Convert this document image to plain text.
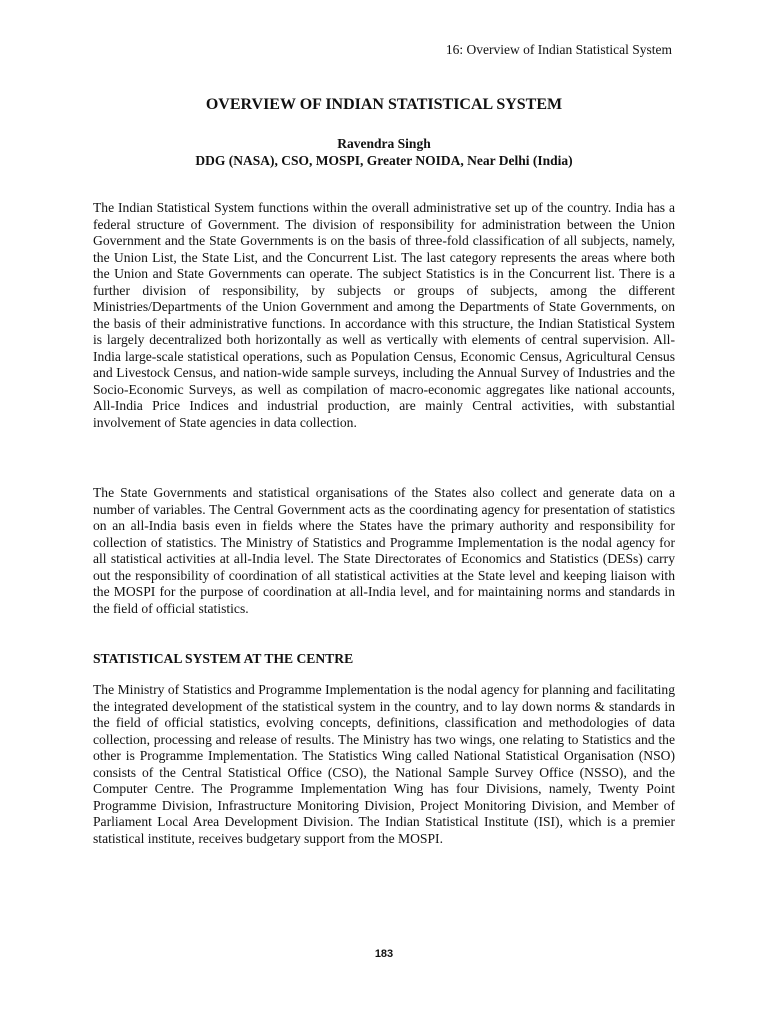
16: Overview of Indian Statistical System
OVERVIEW OF INDIAN STATISTICAL SYSTEM
Ravendra Singh
DDG (NASA), CSO, MOSPI, Greater NOIDA, Near Delhi (India)

The Indian Statistical System functions within the overall administrative set up of the country. India has a federal structure of Government. The division of responsibility for administration between the Union Government and the State Governments is on the basis of three-fold classification of all subjects, namely, the Union List, the State List, and the Concurrent List. The last category represents the areas where both the Union and State Governments can operate. The subject Statistics is in the Concurrent list. There is a further division of responsibility, by subjects or groups of subjects, among the different Ministries/Departments of the Union Government and among the Departments of State Governments, on the basis of their administrative functions. In accordance with this structure, the Indian Statistical System is largely decentralized both horizontally as well as vertically with elements of central supervision. All-India large-scale statistical operations, such as Population Census, Economic Census, Agricultural Census and Livestock Census, and nation-wide sample surveys, including the Annual Survey of Industries and the Socio-Economic Surveys, as well as compilation of macro-economic aggregates like national accounts, All-India Price Indices and industrial production, are mainly Central activities, with substantial involvement of State agencies in data collection.

The State Governments and statistical organisations of the States also collect and generate data on a number of variables. The Central Government acts as the coordinating agency for presentation of statistics on an all-India basis even in fields where the States have the primary authority and responsibility for collection of statistics. The Ministry of Statistics and Programme Implementation is the nodal agency for all statistical activities at all-India level. The State Directorates of Economics and Statistics (DESs) carry out the responsibility of coordination of all statistical activities at the State level and keeping liaison with the MOSPI for the purpose of coordination at all-India level, and for maintaining norms and standards in the field of official statistics.

STATISTICAL SYSTEM AT THE CENTRE

The Ministry of Statistics and Programme Implementation is the nodal agency for planning and facilitating the integrated development of the statistical system in the country, and to lay down norms & standards in the field of official statistics, evolving concepts, definitions, classification and methodologies of data collection, processing and release of results. The Ministry has two wings, one relating to Statistics and the other is Programme Implementation. The Statistics Wing called National Statistical Organisation (NSO) consists of the Central Statistical Office (CSO), the National Sample Survey Office (NSSO), and the Computer Centre. The Programme Implementation Wing has four Divisions, namely, Twenty Point Programme Division, Infrastructure Monitoring Division, Project Monitoring Division, and Member of Parliament Local Area Development Division. The Indian Statistical Institute (ISI), which is a premier statistical institute, receives budgetary support from the MOSPI.

183
